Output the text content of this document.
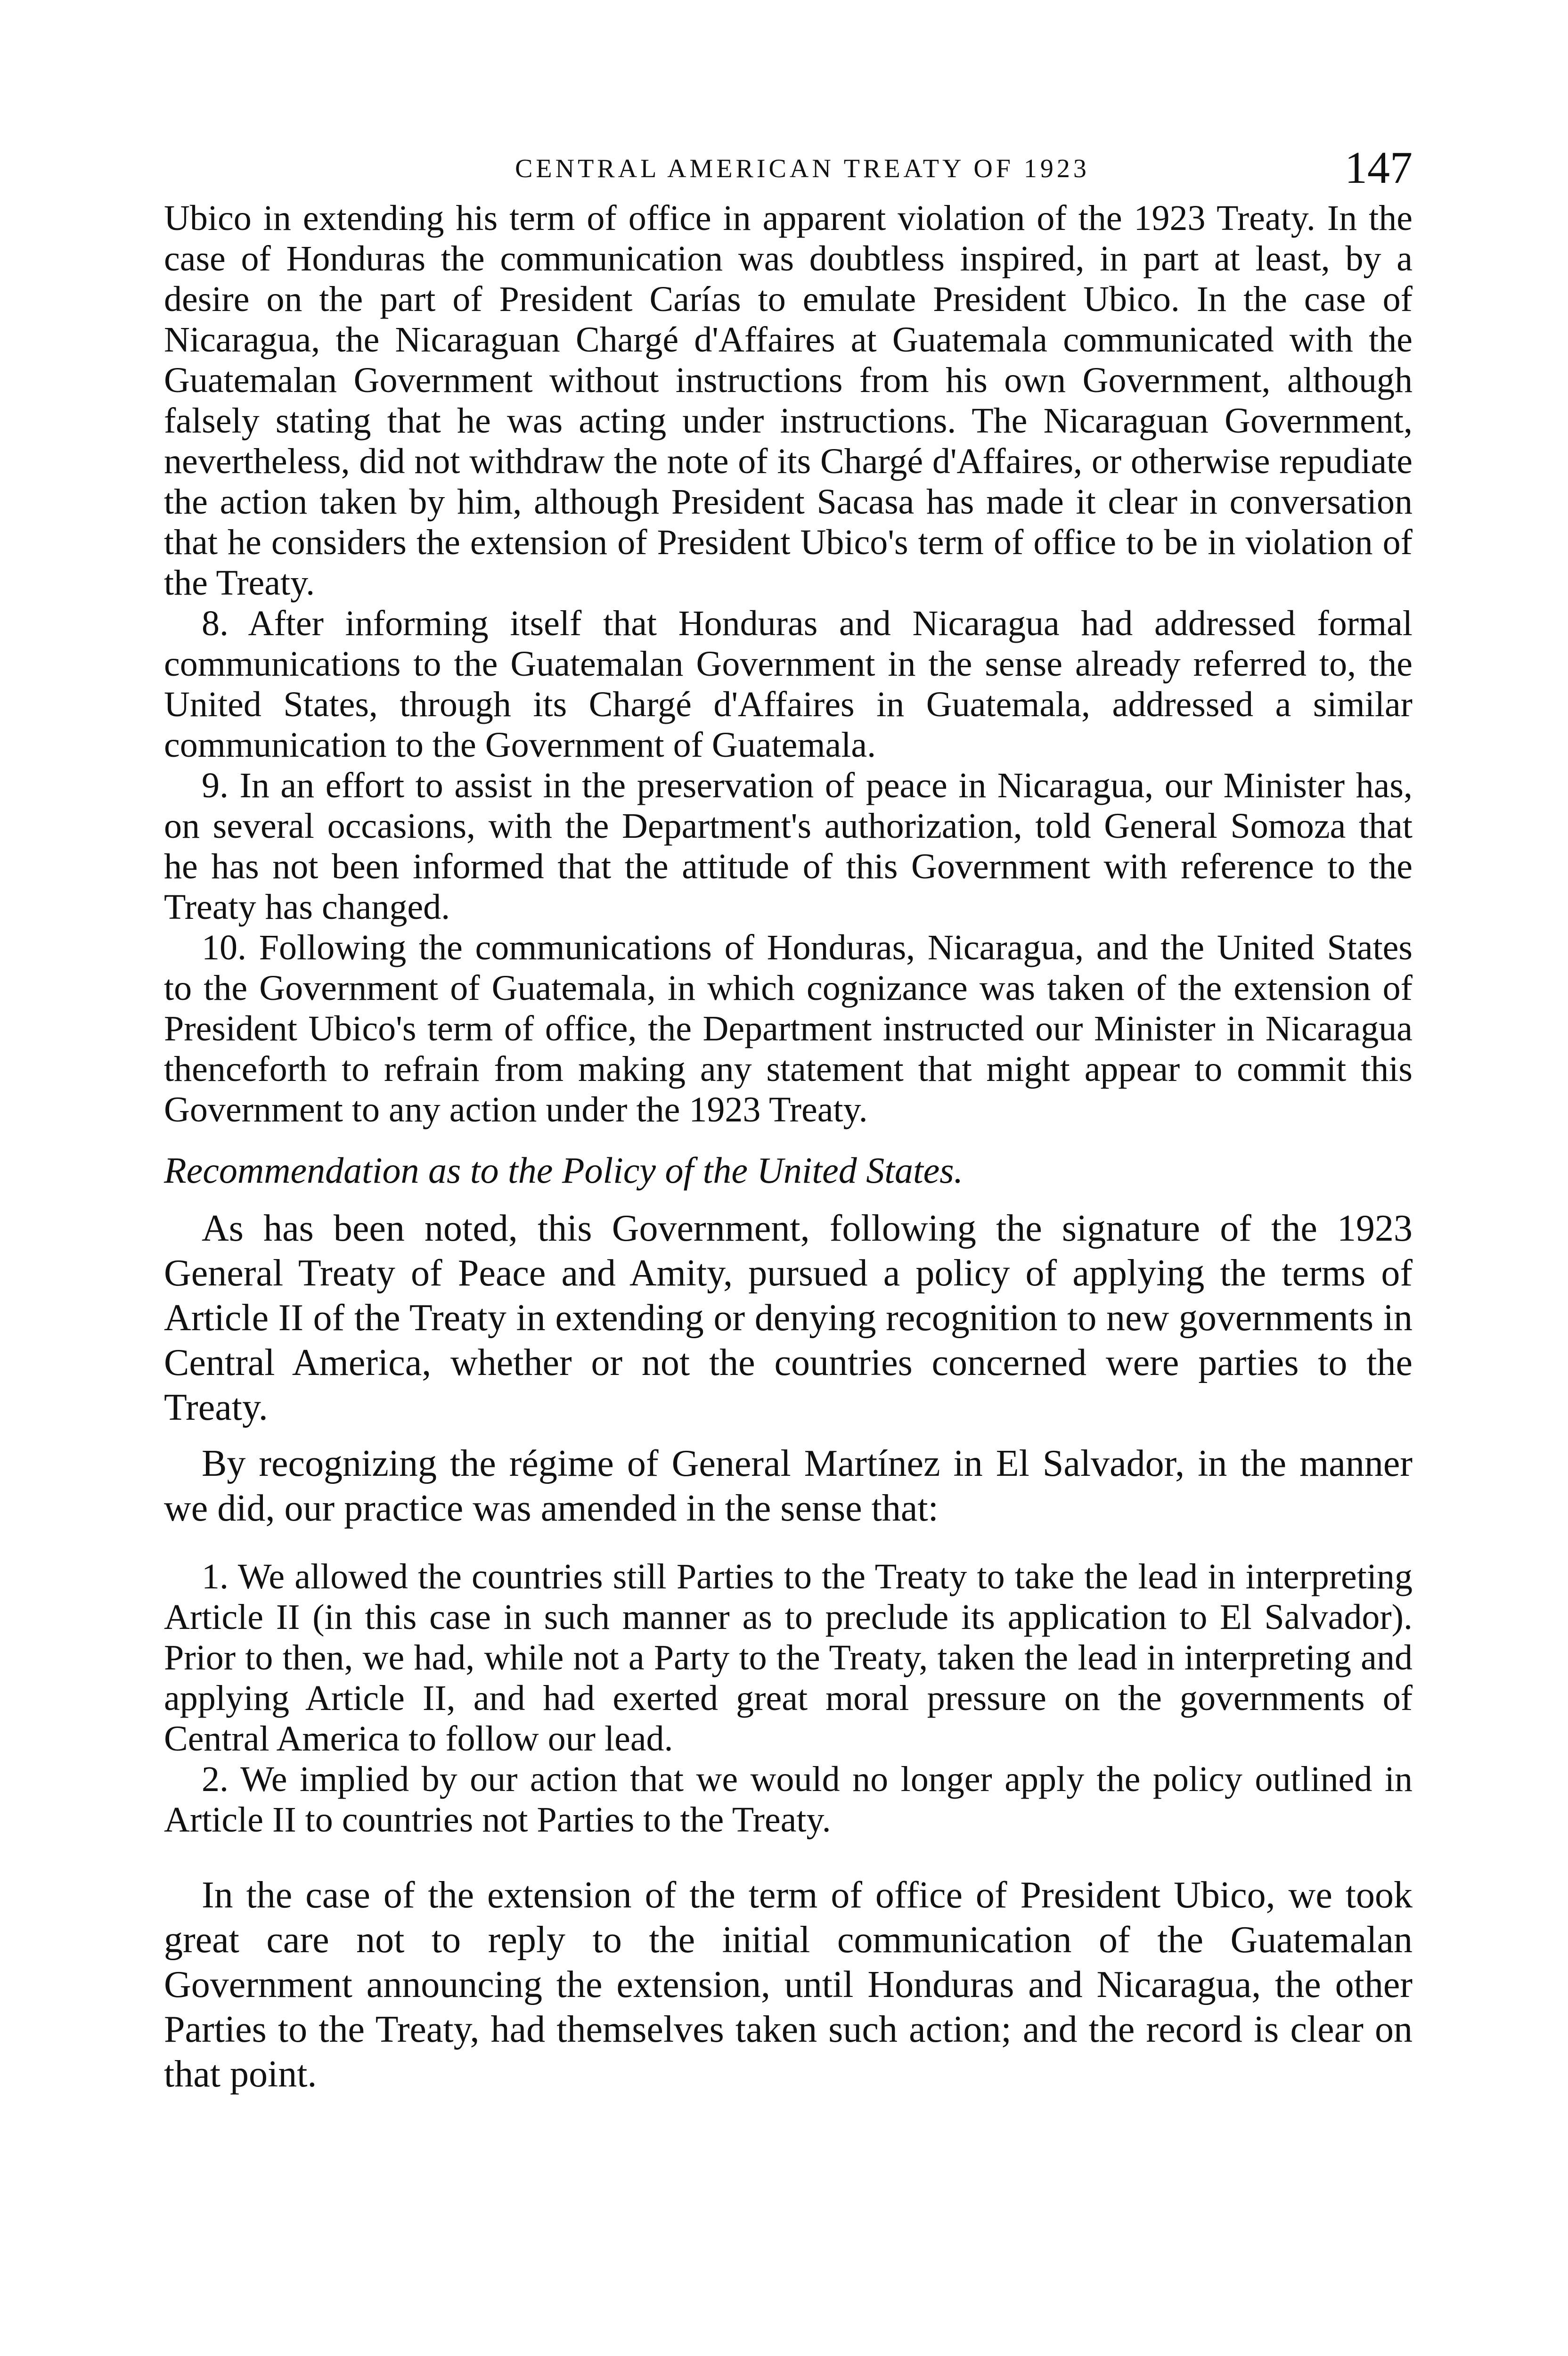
CENTRAL AMERICAN TREATY OF 1923	147

Ubico in extending his term of office in apparent violation of the 1923 Treaty. In the case of Honduras the communication was doubtless inspired, in part at least, by a desire on the part of President Carías to emulate President Ubico. In the case of Nicaragua, the Nicaraguan Chargé d'Affaires at Guatemala communicated with the Guatemalan Government without instructions from his own Government, although falsely stating that he was acting under instructions. The Nicaraguan Government, nevertheless, did not withdraw the note of its Chargé d'Affaires, or otherwise repudiate the action taken by him, although President Sacasa has made it clear in conversation that he considers the extension of President Ubico's term of office to be in violation of the Treaty.

8. After informing itself that Honduras and Nicaragua had addressed formal communications to the Guatemalan Government in the sense already referred to, the United States, through its Chargé d'Affaires in Guatemala, addressed a similar communication to the Government of Guatemala.

9. In an effort to assist in the preservation of peace in Nicaragua, our Minister has, on several occasions, with the Department's authorization, told General Somoza that he has not been informed that the attitude of this Government with reference to the Treaty has changed.

10. Following the communications of Honduras, Nicaragua, and the United States to the Government of Guatemala, in which cognizance was taken of the extension of President Ubico's term of office, the Department instructed our Minister in Nicaragua thenceforth to refrain from making any statement that might appear to commit this Government to any action under the 1923 Treaty.

Recommendation as to the Policy of the United States.

As has been noted, this Government, following the signature of the 1923 General Treaty of Peace and Amity, pursued a policy of applying the terms of Article II of the Treaty in extending or denying recognition to new governments in Central America, whether or not the countries concerned were parties to the Treaty.

By recognizing the régime of General Martínez in El Salvador, in the manner we did, our practice was amended in the sense that:

1. We allowed the countries still Parties to the Treaty to take the lead in interpreting Article II (in this case in such manner as to preclude its application to El Salvador). Prior to then, we had, while not a Party to the Treaty, taken the lead in interpreting and applying Article II, and had exerted great moral pressure on the governments of Central America to follow our lead.

2. We implied by our action that we would no longer apply the policy outlined in Article II to countries not Parties to the Treaty.

In the case of the extension of the term of office of President Ubico, we took great care not to reply to the initial communication of the Guatemalan Government announcing the extension, until Honduras and Nicaragua, the other Parties to the Treaty, had themselves taken such action; and the record is clear on that point.
